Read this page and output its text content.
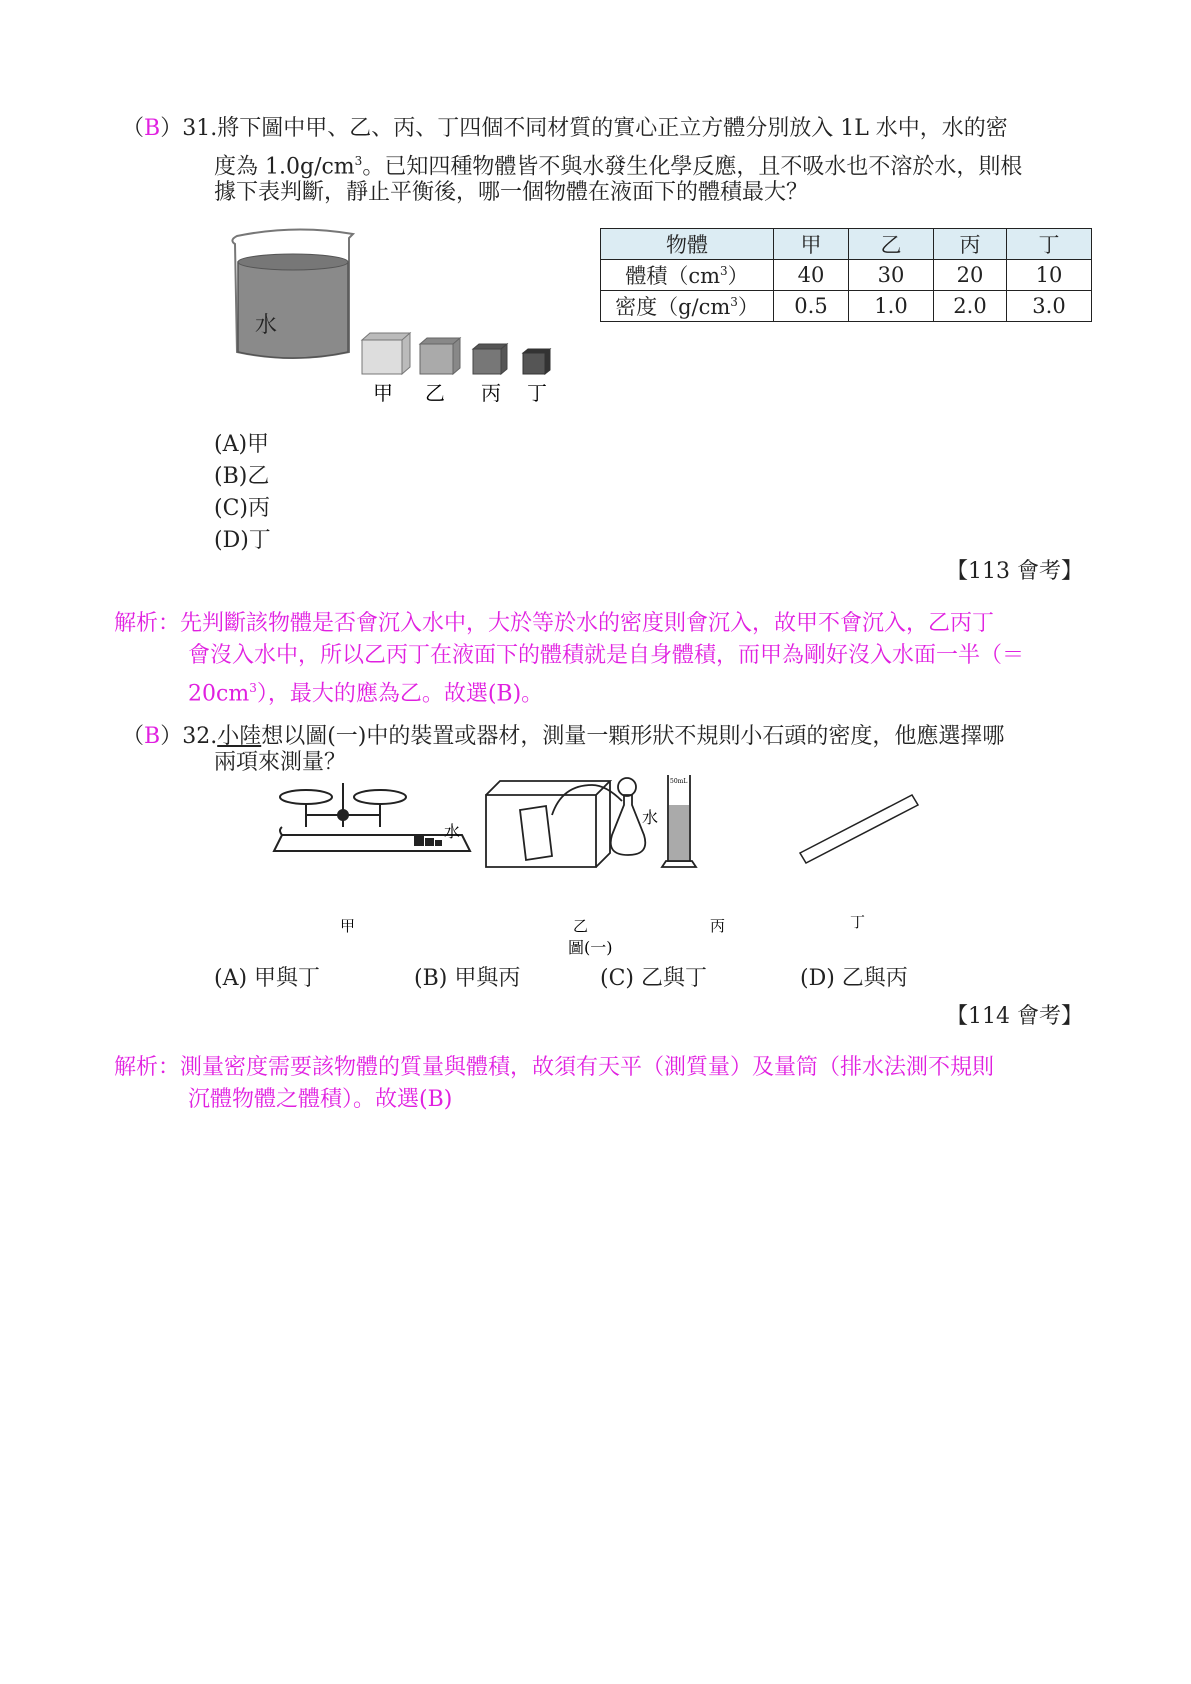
（B）31.將下圖中甲、乙、丙、丁四個不同材質的實心正立方體分別放入 1L 水中，水的密
度為 $1.0g/cm^3$。已知四種物體皆不與水發生化學反應，且不吸水也不溶於水，則根
據下表判斷，靜止平衡後，哪一個物體在液面下的體積最大？
水
甲 乙 丙 丁
物體	甲	乙	丙	丁
體積$(cm^3)$	40	30	20	10
密度$(g/cm^3)$	0.5	1.0	2.0	3.0
(A)甲
(B)乙
(C)丙
(D)丁
【113 會考】
解析：先判斷該物體是否會沉入水中，大於等於水的密度則會沉入，故甲不會沉入，乙丙丁
會沒入水中，所以乙丙丁在液面下的體積就是自身體積，而甲為剛好沒入水面一半（＝
$20cm^3$），最大的應為乙。故選(B)。
（B）32.小陸想以圖(一)中的裝置或器材，測量一顆形狀不規則小石頭的密度，他應選擇哪
兩項來測量？
水
50mL
水
甲	乙	丙	丁
圖(一)
(A) 甲與丁	(B) 甲與丙	(C) 乙與丁	(D) 乙與丙
【114 會考】
解析：測量密度需要該物體的質量與體積，故須有天平（測質量）及量筒（排水法測不規則
沉體物體之體積）。故選(B)
